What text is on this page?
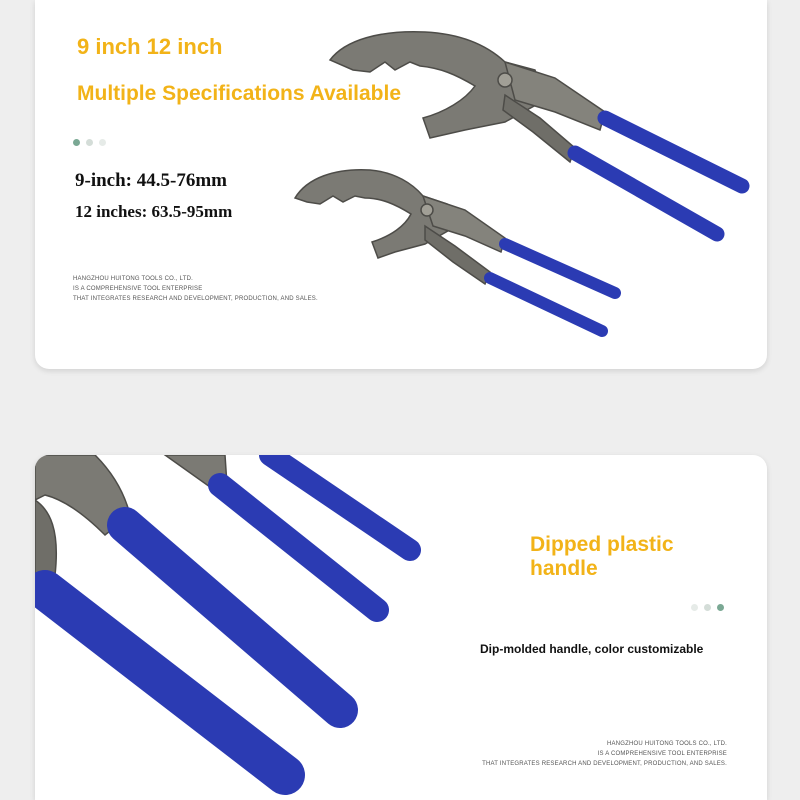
9 inch 12 inch
Multiple Specifications Available
9-inch: 44.5-76mm
12 inches: 63.5-95mm
HANGZHOU HUITONG TOOLS CO., LTD.
IS A COMPREHENSIVE TOOL ENTERPRISE
THAT INTEGRATES RESEARCH AND DEVELOPMENT, PRODUCTION, AND SALES.
Dipped plastic
handle
Dip-molded handle, color customizable
HANGZHOU HUITONG TOOLS CO., LTD.
IS A COMPREHENSIVE TOOL ENTERPRISE
THAT INTEGRATES RESEARCH AND DEVELOPMENT, PRODUCTION, AND SALES.
